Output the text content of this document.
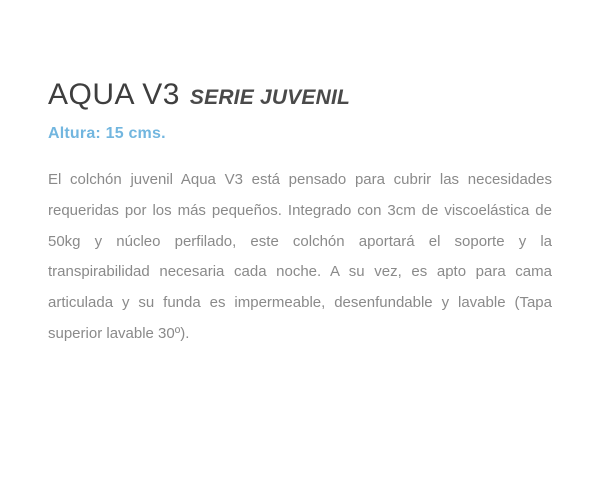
AQUA V3 SERIE JUVENIL
Altura: 15 cms.

El colchón juvenil Aqua V3 está pensado para cubrir las necesidades requeridas por los más pequeños. Integrado con 3cm de viscoelástica de 50kg y núcleo perfilado, este colchón aportará el soporte y la transpirabilidad necesaria cada noche. A su vez, es apto para cama articulada y su funda es impermeable, desenfundable y lavable (Tapa superior lavable 30º).
